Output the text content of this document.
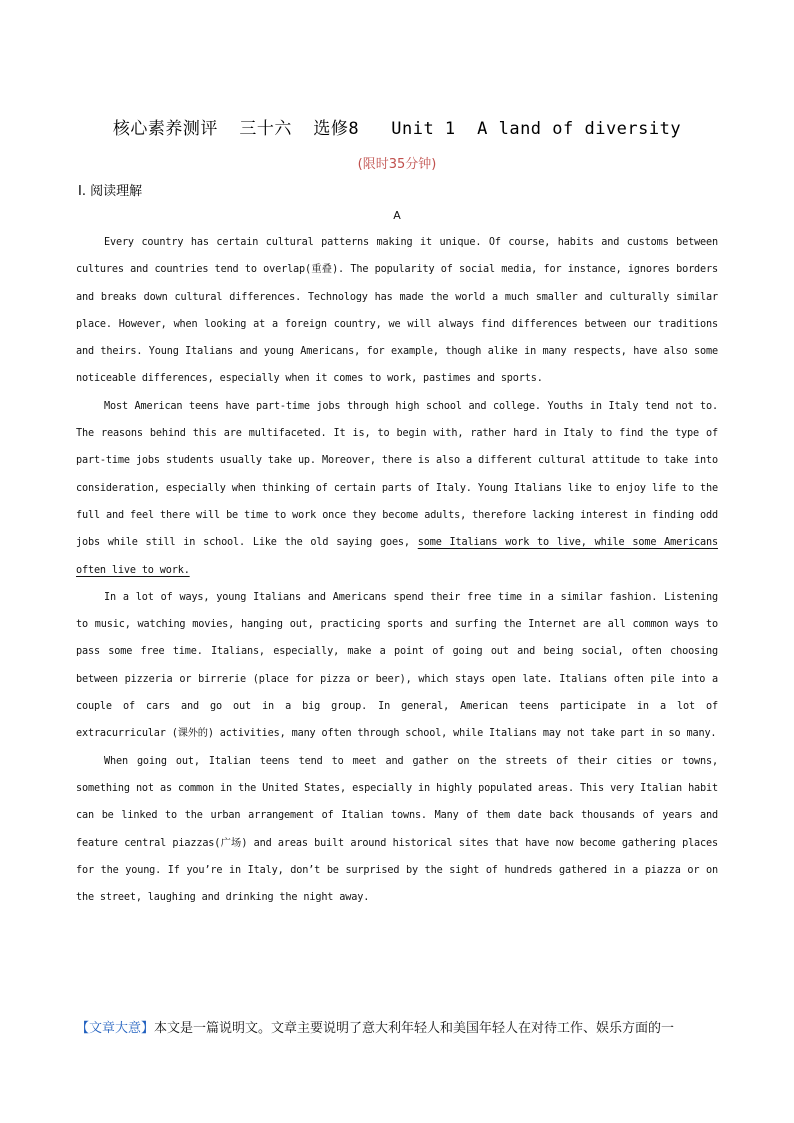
核心素养测评  三十六  选修8   Unit 1  A land of diversity
(限时35分钟)
Ⅰ. 阅读理解
A

Every country has certain cultural patterns making it unique. Of course, habits and customs between cultures and countries tend to overlap(重叠). The popularity of social media, for instance, ignores borders and breaks down cultural differences. Technology has made the world a much smaller and culturally similar place. However, when looking at a foreign country, we will always find differences between our traditions and theirs. Young Italians and young Americans, for example, though alike in many respects, have also some noticeable differences, especially when it comes to work, pastimes and sports.

Most American teens have part-time jobs through high school and college. Youths in Italy tend not to. The reasons behind this are multifaceted. It is, to begin with, rather hard in Italy to find the type of part-time jobs students usually take up. Moreover, there is also a different cultural attitude to take into consideration, especially when thinking of certain parts of Italy. Young Italians like to enjoy life to the full and feel there will be time to work once they become adults, therefore lacking interest in finding odd jobs while still in school. Like the old saying goes, some Italians work to live, while some Americans often live to work.

In a lot of ways, young Italians and Americans spend their free time in a similar fashion. Listening to music, watching movies, hanging out, practicing sports and surfing the Internet are all common ways to pass some free time. Italians, especially, make a point of going out and being social, often choosing between pizzeria or birrerie (place for pizza or beer), which stays open late. Italians often pile into a couple of cars and go out in a big group. In general, American teens participate in a lot of extracurricular (课外的) activities, many often through school, while Italians may not take part in so many.

When going out, Italian teens tend to meet and gather on the streets of their cities or towns, something not as common in the United States, especially in highly populated areas. This very Italian habit can be linked to the urban arrangement of Italian towns. Many of them date back thousands of years and feature central piazzas(广场) and areas built around historical sites that have now become gathering places for the young. If you’re in Italy, don’t be surprised by the sight of hundreds gathered in a piazza or on the street, laughing and drinking the night away.

【文章大意】本文是一篇说明文。文章主要说明了意大利年轻人和美国年轻人在对待工作、娱乐方面的一
